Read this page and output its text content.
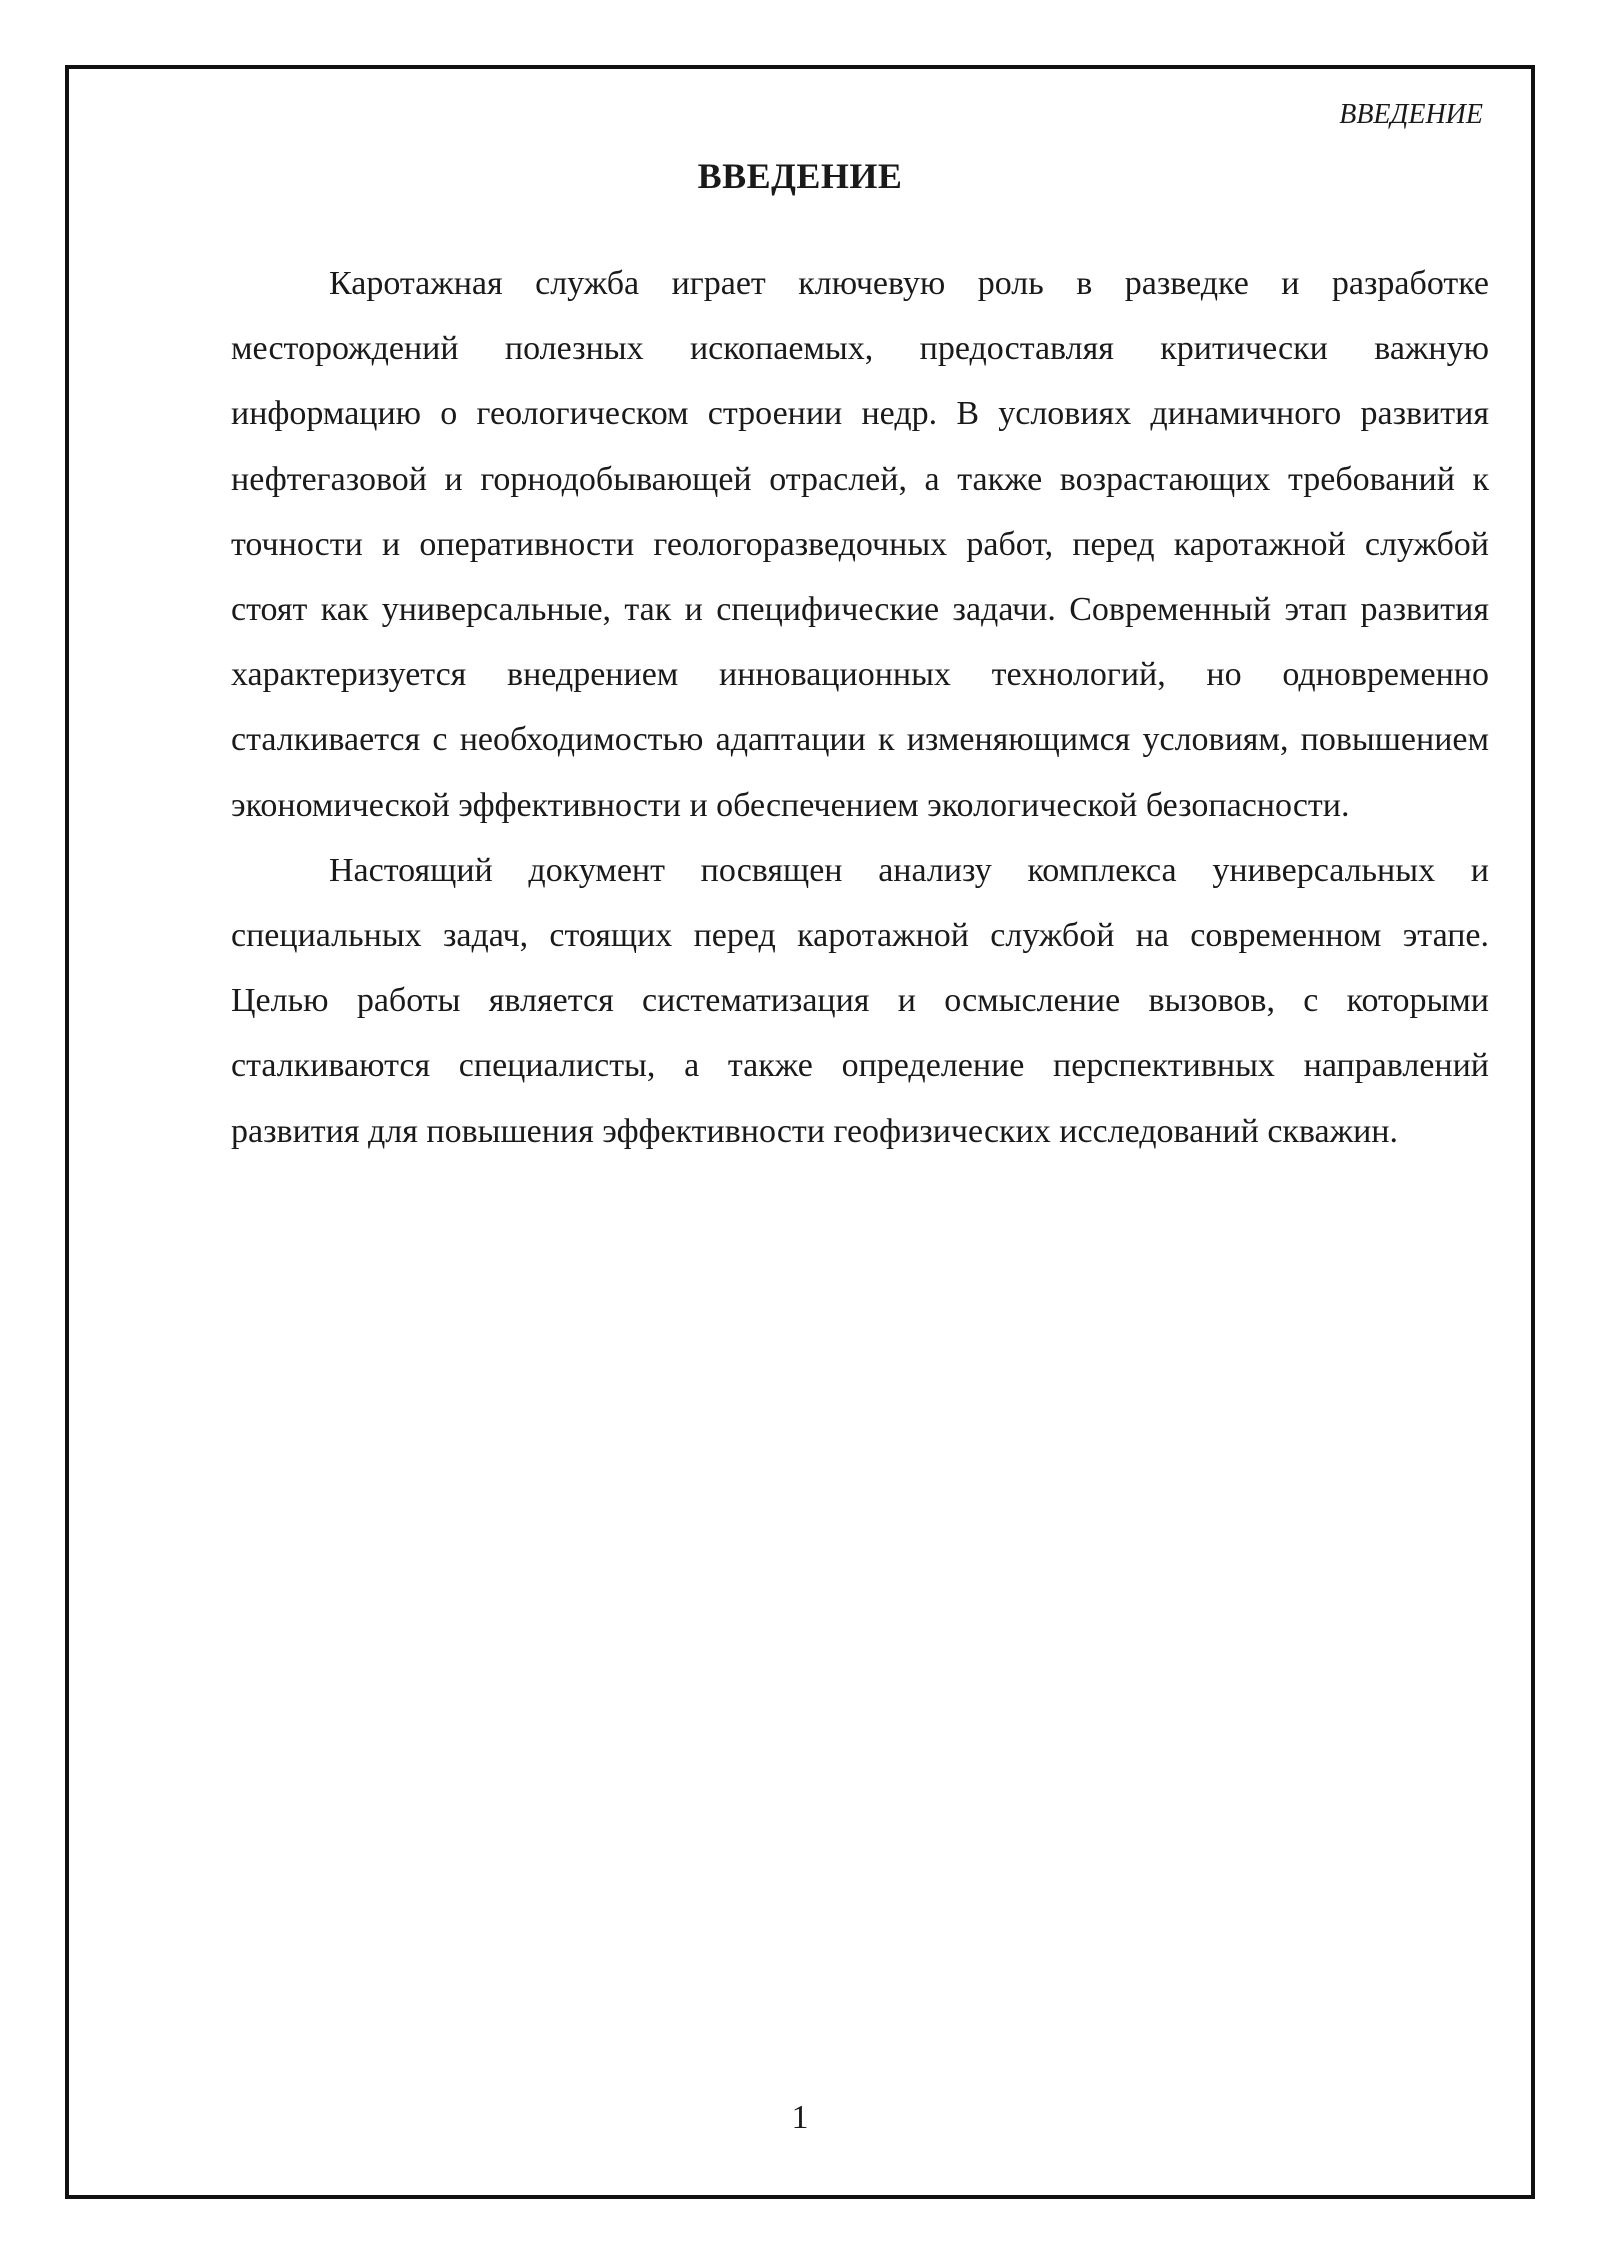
ВВЕДЕНИЕ
ВВЕДЕНИЕ

Каротажная служба играет ключевую роль в разведке и разработке месторождений полезных ископаемых, предоставляя критически важную информацию о геологическом строении недр. В условиях динамичного развития нефтегазовой и горнодобывающей отраслей, а также возрастающих требований к точности и оперативности геологоразведочных работ, перед каротажной службой стоят как универсальные, так и специфические задачи. Современный этап развития характеризуется внедрением инновационных технологий, но одновременно сталкивается с необходимостью адаптации к изменяющимся условиям, повышением экономической эффективности и обеспечением экологической безопасности.

Настоящий документ посвящен анализу комплекса универсальных и специальных задач, стоящих перед каротажной службой на современном этапе. Целью работы является систематизация и осмысление вызовов, с которыми сталкиваются специалисты, а также определение перспективных направлений развития для повышения эффективности геофизических исследований скважин.

1
